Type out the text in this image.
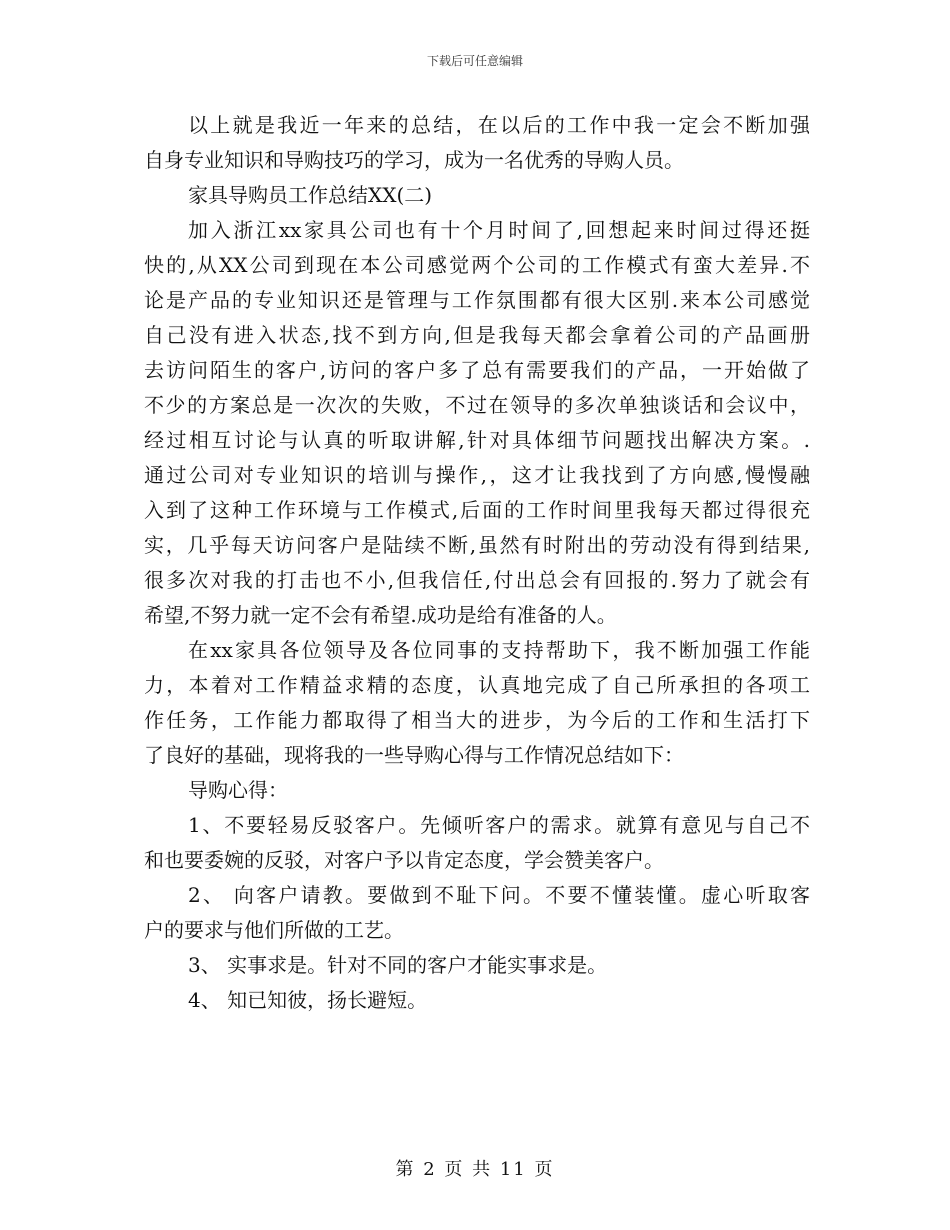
下载后可任意编辑
以上就是我近一年来的总结，在以后的工作中我一定会不断加强
自身专业知识和导购技巧的学习，成为一名优秀的导购人员。
家具导购员工作总结XX(二)
加入浙江xx家具公司也有十个月时间了,回想起来时间过得还挺
快的,从XX公司到现在本公司感觉两个公司的工作模式有蛮大差异.不
论是产品的专业知识还是管理与工作氛围都有很大区别.来本公司感觉
自己没有进入状态,找不到方向,但是我每天都会拿着公司的产品画册
去访问陌生的客户,访问的客户多了总有需要我们的产品，一开始做了
不少的方案总是一次次的失败，不过在领导的多次单独谈话和会议中，
经过相互讨论与认真的听取讲解,针对具体细节问题找出解决方案。.
通过公司对专业知识的培训与操作,，这才让我找到了方向感,慢慢融
入到了这种工作环境与工作模式,后面的工作时间里我每天都过得很充
实，几乎每天访问客户是陆续不断,虽然有时附出的劳动没有得到结果,
很多次对我的打击也不小,但我信任,付出总会有回报的.努力了就会有
希望,不努力就一定不会有希望.成功是给有准备的人。
在xx家具各位领导及各位同事的支持帮助下，我不断加强工作能
力，本着对工作精益求精的态度，认真地完成了自己所承担的各项工
作任务，工作能力都取得了相当大的进步，为今后的工作和生活打下
了良好的基础，现将我的一些导购心得与工作情况总结如下：
导购心得：
1、不要轻易反驳客户。先倾听客户的需求。就算有意见与自己不
和也要委婉的反驳，对客户予以肯定态度，学会赞美客户。
2、 向客户请教。要做到不耻下问。不要不懂装懂。虚心听取客
户的要求与他们所做的工艺。
3、 实事求是。针对不同的客户才能实事求是。
4、 知已知彼，扬长避短。
第 2 页 共 11 页
